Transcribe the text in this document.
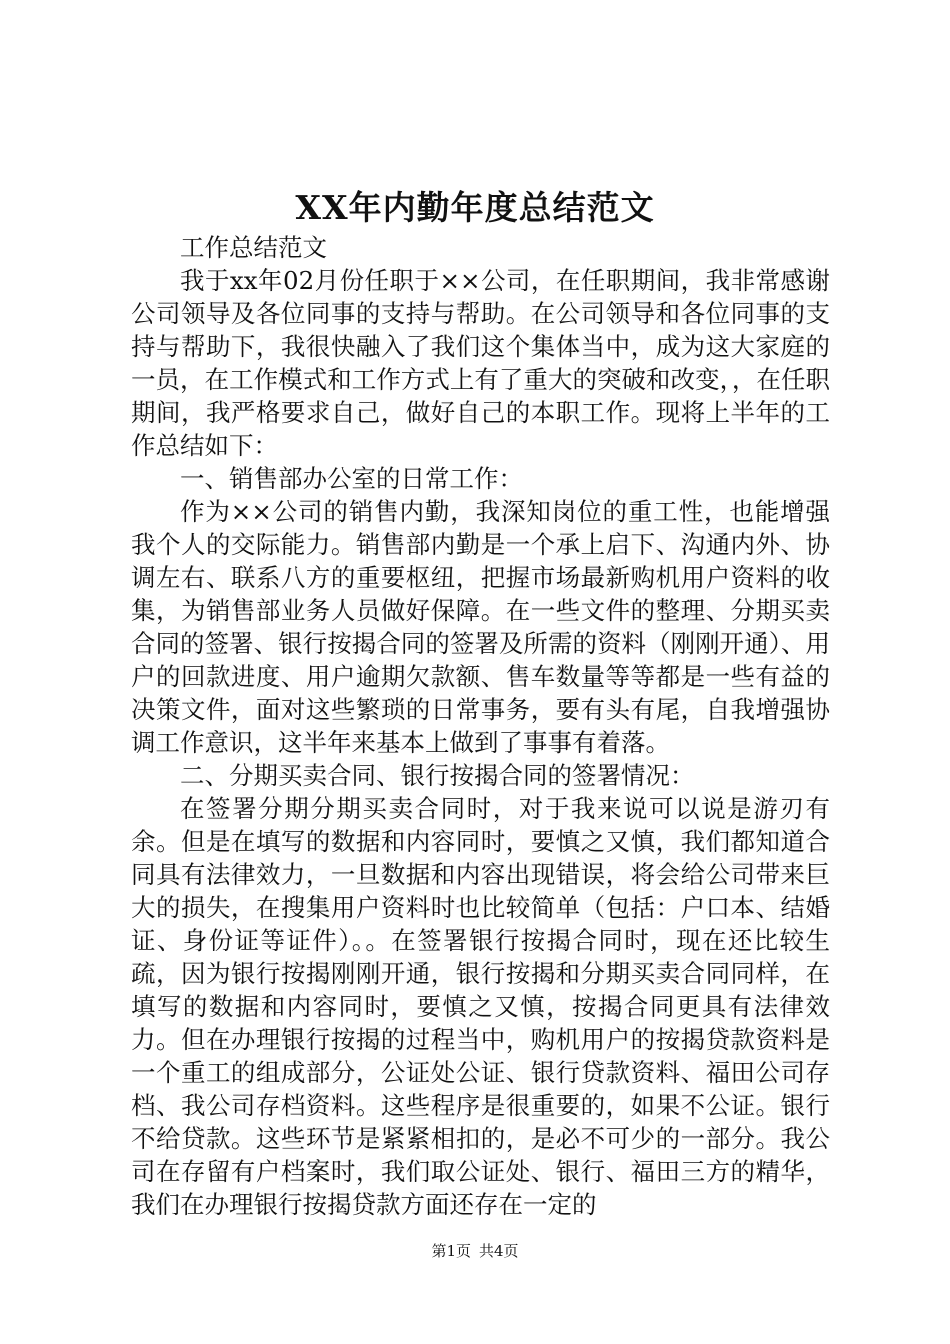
XX年内勤年度总结范文

工作总结范文

我于xx年02月份任职于××公司，在任职期间，我非常感谢公司领导及各位同事的支持与帮助。在公司领导和各位同事的支持与帮助下，我很快融入了我们这个集体当中，成为这大家庭的一员，在工作模式和工作方式上有了重大的突破和改变，，在任职期间，我严格要求自己，做好自己的本职工作。现将上半年的工作总结如下：

一、销售部办公室的日常工作：

作为××公司的销售内勤，我深知岗位的重工性，也能增强我个人的交际能力。销售部内勤是一个承上启下、沟通内外、协调左右、联系八方的重要枢纽，把握市场最新购机用户资料的收集，为销售部业务人员做好保障。在一些文件的整理、分期买卖合同的签署、银行按揭合同的签署及所需的资料（刚刚开通）、用户的回款进度、用户逾期欠款额、售车数量等等都是一些有益的决策文件，面对这些繁琐的日常事务，要有头有尾，自我增强协调工作意识，这半年来基本上做到了事事有着落。

二、分期买卖合同、银行按揭合同的签署情况：

在签署分期分期买卖合同时，对于我来说可以说是游刃有余。但是在填写的数据和内容同时，要慎之又慎，我们都知道合同具有法律效力，一旦数据和内容出现错误，将会给公司带来巨大的损失，在搜集用户资料时也比较简单（包括：户口本、结婚证、身份证等证件）。。在签署银行按揭合同时，现在还比较生疏，因为银行按揭刚刚开通，银行按揭和分期买卖合同同样，在填写的数据和内容同时，要慎之又慎，按揭合同更具有法律效力。但在办理银行按揭的过程当中，购机用户的按揭贷款资料是一个重工的组成部分，公证处公证、银行贷款资料、福田公司存档、我公司存档资料。这些程序是很重要的，如果不公证。银行不给贷款。这些环节是紧紧相扣的，是必不可少的一部分。我公司在存留有户档案时，我们取公证处、银行、福田三方的精华，我们在办理银行按揭贷款方面还存在一定的

第1页 共4页
